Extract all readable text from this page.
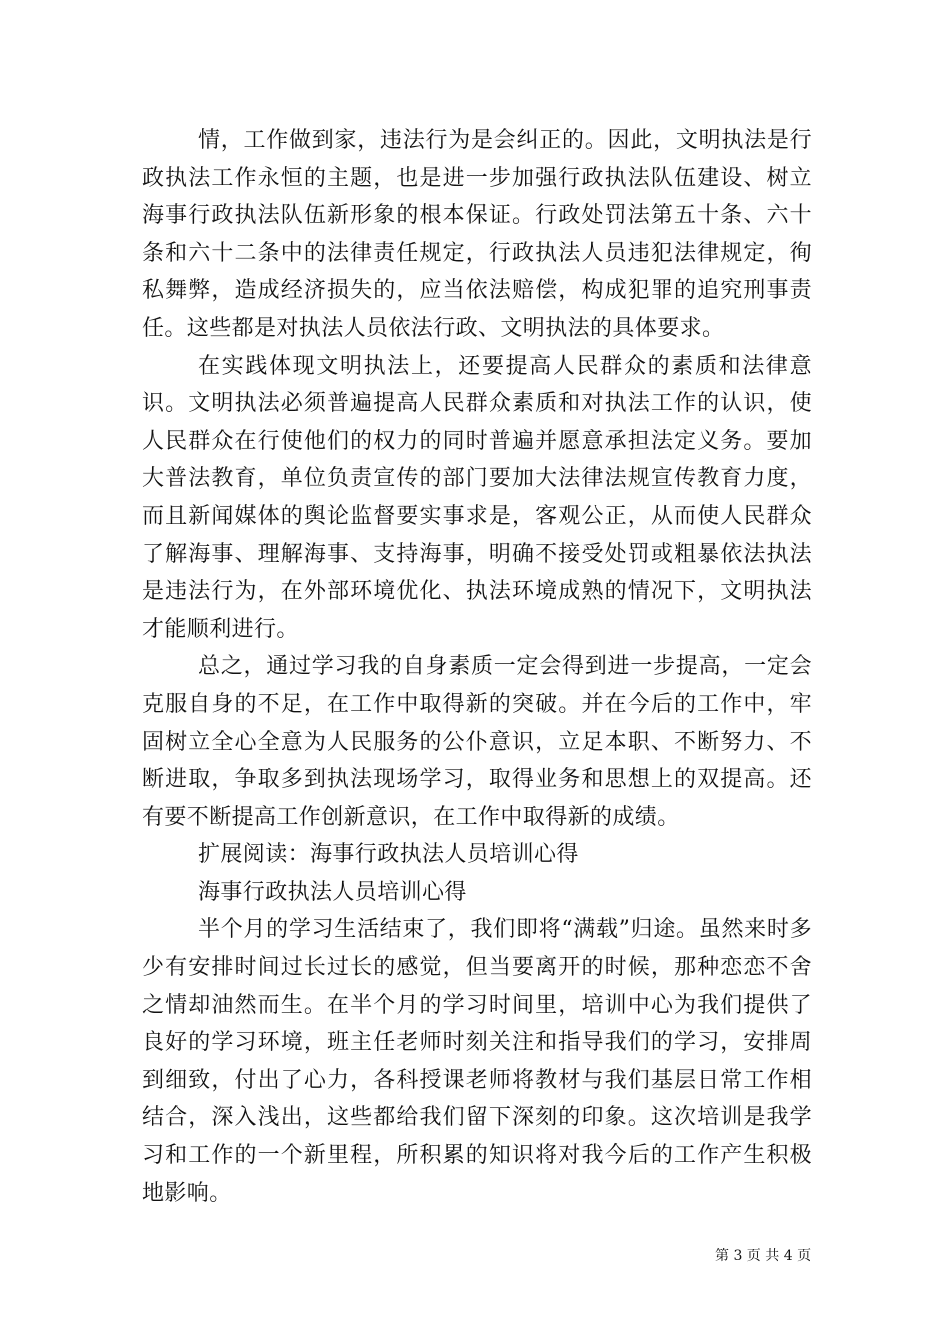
情，工作做到家，违法行为是会纠正的。因此，文明执法是行政执法工作永恒的主题，也是进一步加强行政执法队伍建设、树立海事行政执法队伍新形象的根本保证。行政处罚法第五十条、六十条和六十二条中的法律责任规定，行政执法人员违犯法律规定，徇私舞弊，造成经济损失的，应当依法赔偿，构成犯罪的追究刑事责任。这些都是对执法人员依法行政、文明执法的具体要求。

在实践体现文明执法上，还要提高人民群众的素质和法律意识。文明执法必须普遍提高人民群众素质和对执法工作的认识，使人民群众在行使他们的权力的同时普遍并愿意承担法定义务。要加大普法教育，单位负责宣传的部门要加大法律法规宣传教育力度，而且新闻媒体的舆论监督要实事求是，客观公正，从而使人民群众了解海事、理解海事、支持海事，明确不接受处罚或粗暴依法执法是违法行为，在外部环境优化、执法环境成熟的情况下，文明执法才能顺利进行。

总之，通过学习我的自身素质一定会得到进一步提高，一定会克服自身的不足，在工作中取得新的突破。并在今后的工作中，牢固树立全心全意为人民服务的公仆意识，立足本职、不断努力、不断进取，争取多到执法现场学习，取得业务和思想上的双提高。还有要不断提高工作创新意识，在工作中取得新的成绩。

扩展阅读：海事行政执法人员培训心得

海事行政执法人员培训心得

半个月的学习生活结束了，我们即将“满载”归途。虽然来时多少有安排时间过长过长的感觉，但当要离开的时候，那种恋恋不舍之情却油然而生。在半个月的学习时间里，培训中心为我们提供了良好的学习环境，班主任老师时刻关注和指导我们的学习，安排周到细致，付出了心力，各科授课老师将教材与我们基层日常工作相结合，深入浅出，这些都给我们留下深刻的印象。这次培训是我学习和工作的一个新里程，所积累的知识将对我今后的工作产生积极地影响。

第 3 页 共 4 页
